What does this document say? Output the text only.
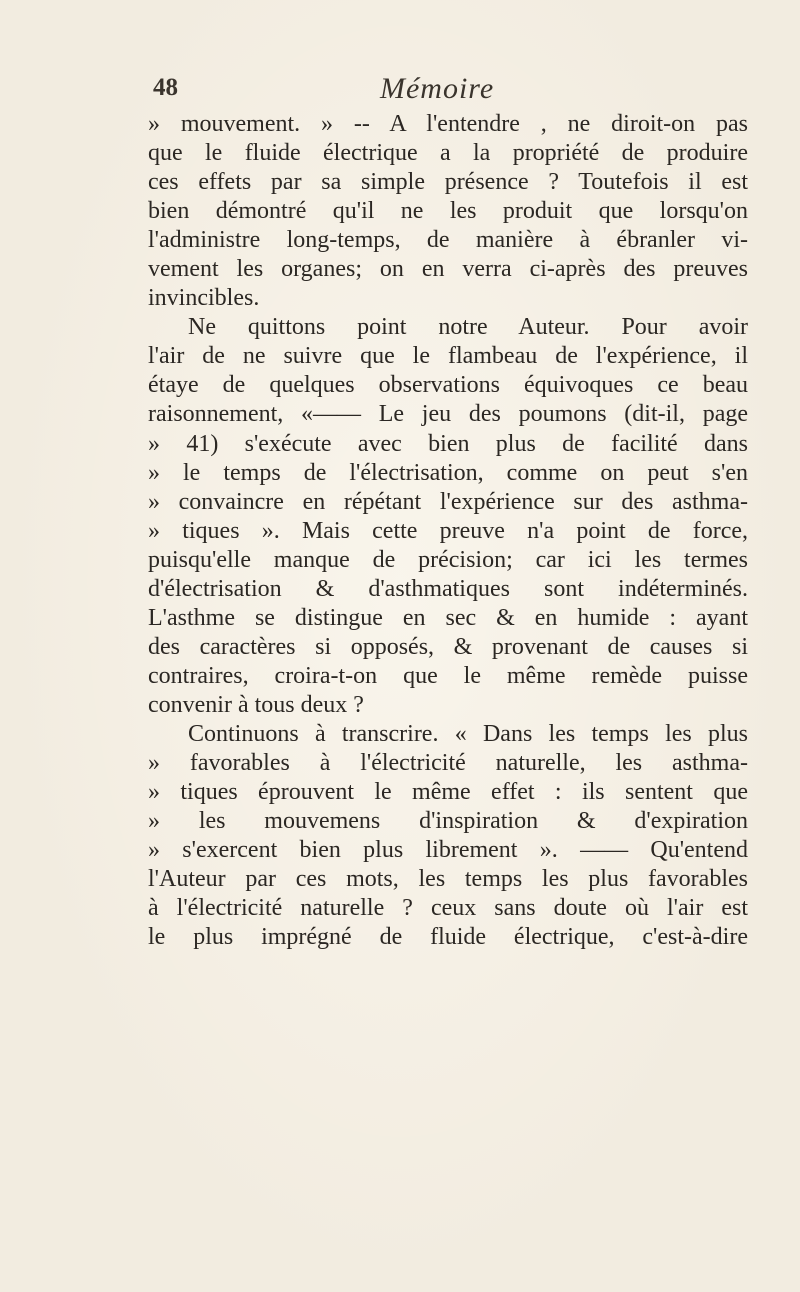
48	Mémoire
» mouvement. » -- A l'entendre , ne diroit-on pas
que le fluide électrique a la propriété de produire
ces effets par sa simple présence ? Toutefois il est
bien démontré qu'il ne les produit que lorsqu'on
l'administre long-temps, de manière à ébranler vi-
vement les organes; on en verra ci-après des preuves
invincibles.
Ne quittons point notre Auteur. Pour avoir
l'air de ne suivre que le flambeau de l'expérience, il
étaye de quelques observations équivoques ce beau
raisonnement, «—— Le jeu des poumons (dit-il, page
» 41) s'exécute avec bien plus de facilité dans
» le temps de l'électrisation, comme on peut s'en
» convaincre en répétant l'expérience sur des asthma-
» tiques ». Mais cette preuve n'a point de force,
puisqu'elle manque de précision; car ici les termes
d'électrisation & d'asthmatiques sont indéterminés.
L'asthme se distingue en sec & en humide : ayant
des caractères si opposés, & provenant de causes si
contraires, croira-t-on que le même remède puisse
convenir à tous deux ?
Continuons à transcrire. « Dans les temps les plus
» favorables à l'électricité naturelle, les asthma-
» tiques éprouvent le même effet : ils sentent que
» les mouvemens d'inspiration & d'expiration
» s'exercent bien plus librement ». —— Qu'entend
l'Auteur par ces mots, les temps les plus favorables
à l'électricité naturelle ? ceux sans doute où l'air est
le plus imprégné de fluide électrique, c'est-à-dire
